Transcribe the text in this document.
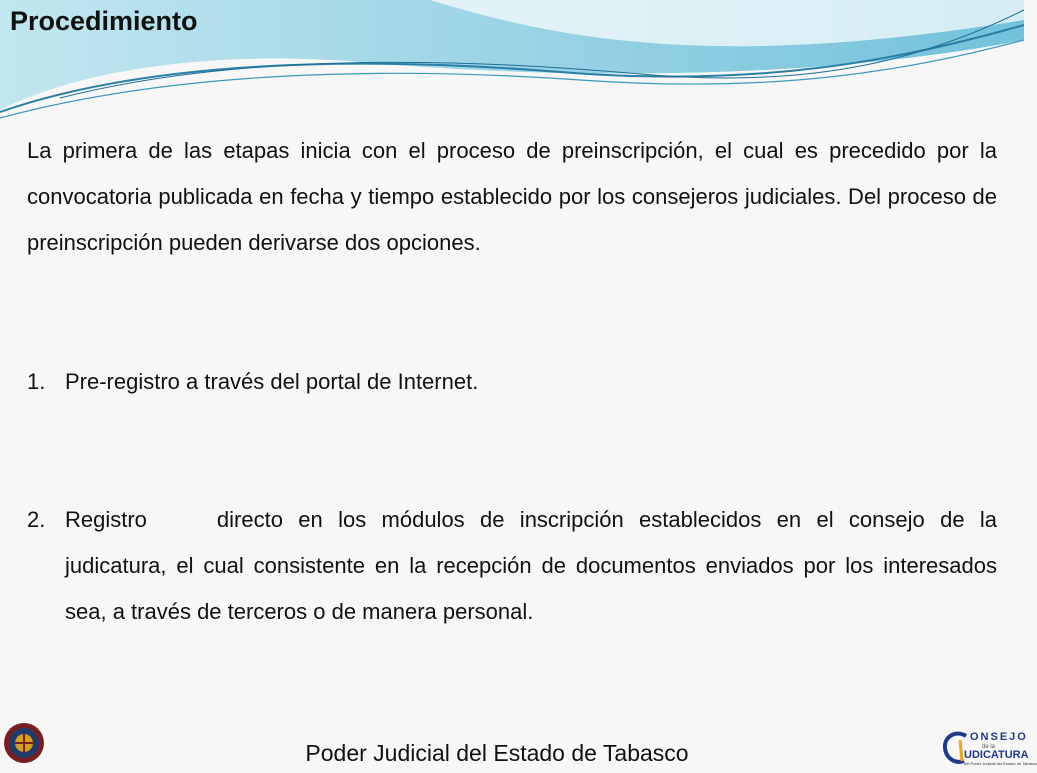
Procedimiento

La primera de las etapas inicia con el proceso de preinscripción, el cual es precedido por la convocatoria publicada en fecha y tiempo establecido por los consejeros judiciales. Del proceso de preinscripción pueden derivarse dos opciones.

1. Pre-registro a través del portal de Internet.
2. Registro	directo en los módulos de inscripción establecidos en el consejo de la judicatura, el cual consistente en la recepción de documentos enviados por los interesados sea, a través de terceros o de manera personal.
Poder Judicial del Estado de Tabasco
ONSEJO
de la
UDICATURA
del Poder Judicial del Estado de Tabasco
